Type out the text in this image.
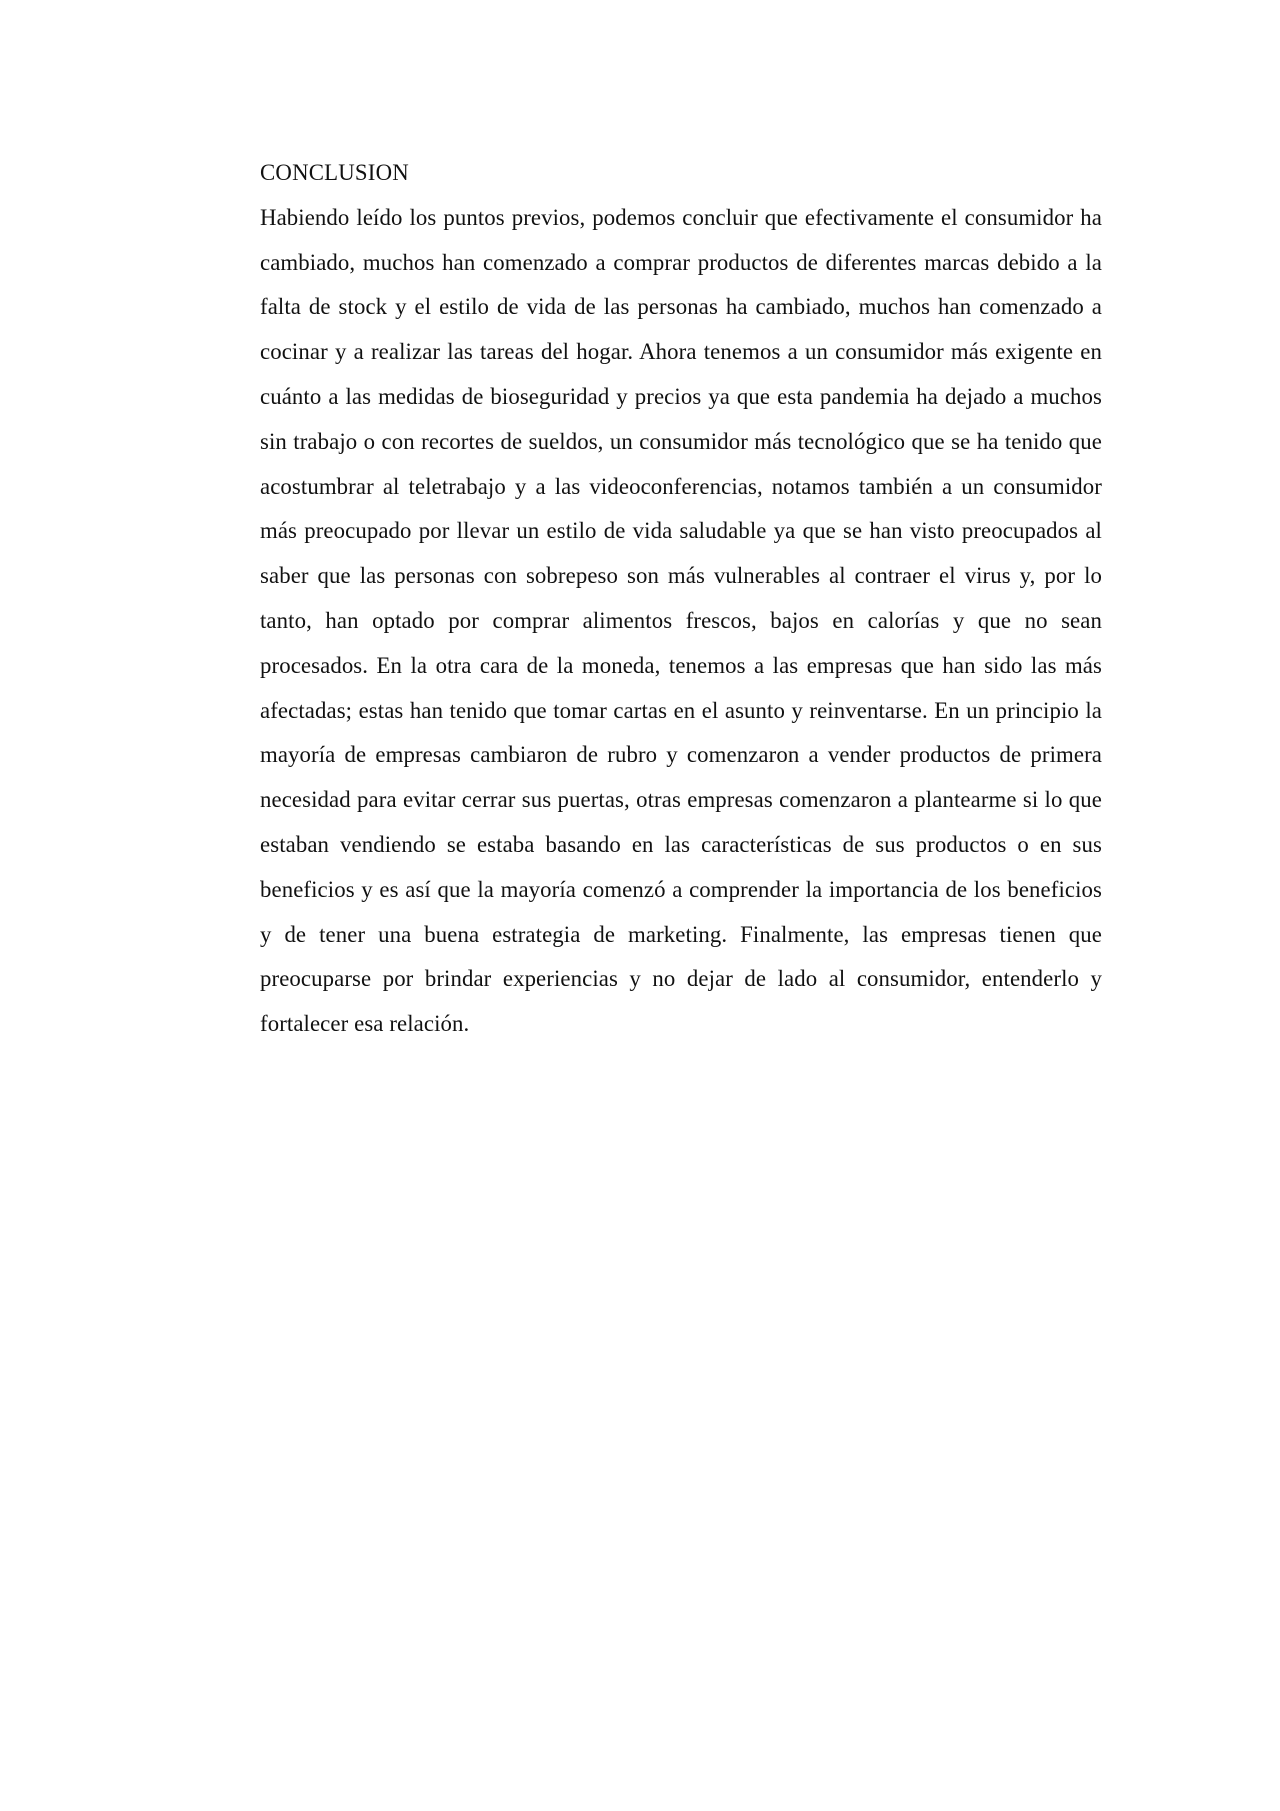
CONCLUSION

Habiendo leído los puntos previos, podemos concluir que efectivamente el consumidor ha cambiado, muchos han comenzado a comprar productos de diferentes marcas debido a la falta de stock y el estilo de vida de las personas ha cambiado, muchos han comenzado a cocinar y a realizar las tareas del hogar. Ahora tenemos a un consumidor más exigente en cuánto a las medidas de bioseguridad y precios ya que esta pandemia ha dejado a muchos sin trabajo o con recortes de sueldos, un consumidor más tecnológico que se ha tenido que acostumbrar al teletrabajo y a las videoconferencias, notamos también a un consumidor más preocupado por llevar un estilo de vida saludable ya que se han visto preocupados al saber que las personas con sobrepeso son más vulnerables al contraer el virus y, por lo tanto, han optado por comprar alimentos frescos, bajos en calorías y que no sean procesados. En la otra cara de la moneda, tenemos a las empresas que han sido las más afectadas; estas han tenido que tomar cartas en el asunto y reinventarse. En un principio la mayoría de empresas cambiaron de rubro y comenzaron a vender productos de primera necesidad para evitar cerrar sus puertas, otras empresas comenzaron a plantearme si lo que estaban vendiendo se estaba basando en las características de sus productos o en sus beneficios y es así que la mayoría comenzó a comprender la importancia de los beneficios y de tener una buena estrategia de marketing. Finalmente, las empresas tienen que preocuparse por brindar experiencias y no dejar de lado al consumidor, entenderlo y fortalecer esa relación.
